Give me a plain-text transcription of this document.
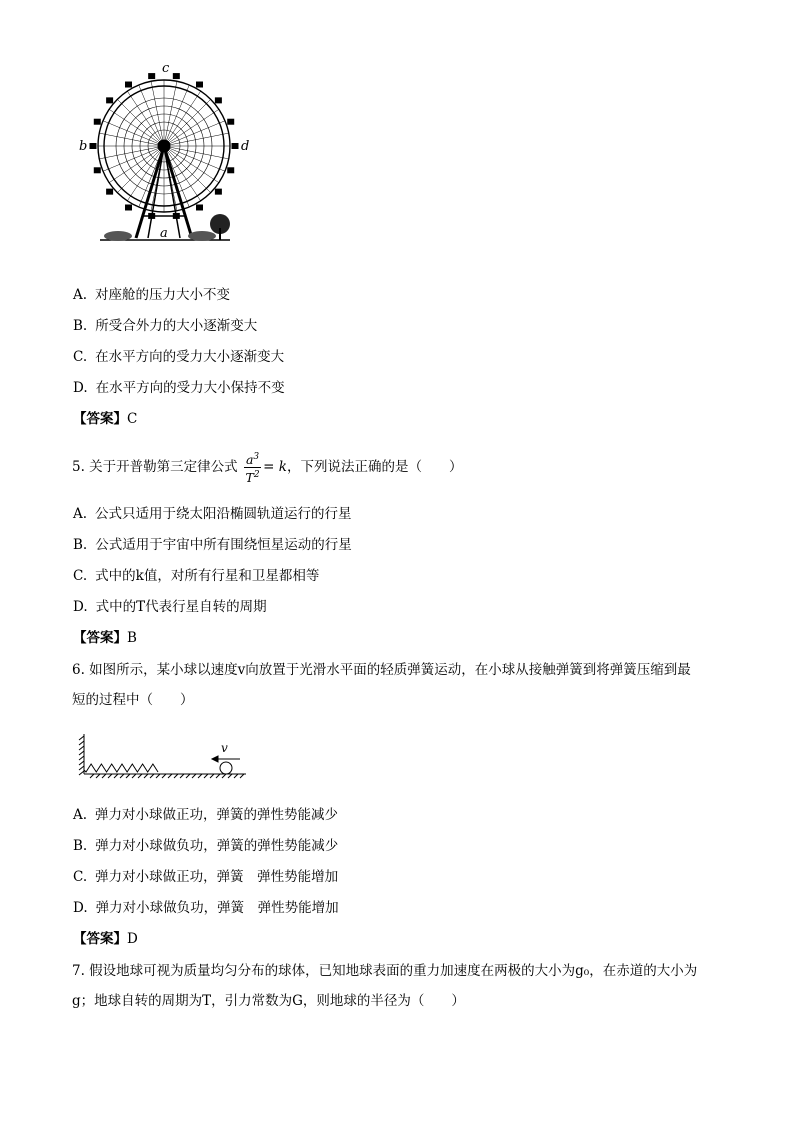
c
b	d
a
A. 对座舱的压力大小不变
B. 所受合外力的大小逐渐变大
C. 在水平方向的受力大小逐渐变大
D. 在水平方向的受力大小保持不变
【答案】C
5. 关于开普勒第三定律公式 $\frac{a^3}{T^2} = k$，下列说法正确的是（　　）
A. 公式只适用于绕太阳沿椭圆轨道运行的行星
B. 公式适用于宇宙中所有围绕恒星运动的行星
C. 式中的k值，对所有行星和卫星都相等
D. 式中的T代表行星自转的周期
【答案】B
6. 如图所示，某小球以速度v向放置于光滑水平面的轻质弹簧运动，在小球从接触弹簧到将弹簧压缩到最
短的过程中（　　）
v
A. 弹力对小球做正功，弹簧的弹性势能减少
B. 弹力对小球做负功，弹簧的弹性势能减少
C. 弹力对小球做正功，弹簧　弹性势能增加
D. 弹力对小球做负功，弹簧　弹性势能增加
【答案】D
7. 假设地球可视为质量均匀分布的球体，已知地球表面的重力加速度在两极的大小为g₀，在赤道的大小为
g；地球自转的周期为T，引力常数为G，则地球的半径为（　　）
